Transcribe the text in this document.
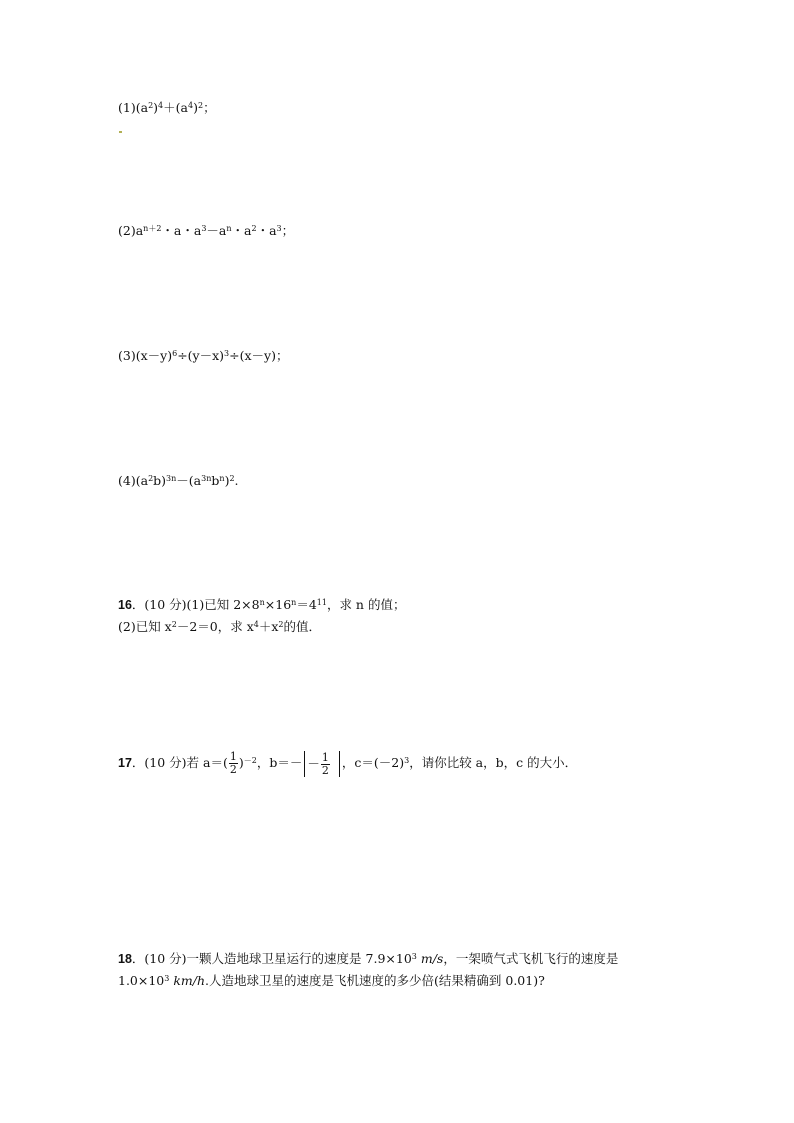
$(1)(a^2)^4+(a^4)^2$；
$(2)a^{n+2}$・a・$a^3-a^n$・$a^2$・$a^3$；
$(3)(x-y)^6\div(y-x)^3\div(x-y)$；
$(4)(a^2b)^{3n}-(a^{3n}b^n)^2$.
16．(10 分)(1)已知 $2\times 8^n\times 16^n=4^{11}$，求 n 的值；
(2)已知 $x^2-2=0$，求 $x^4+x^2$的值．
17．(10 分)若 $a=( \frac{1}{2} )^{-2}$，$b=- - \frac{1}{2}$ ，$c=(-2)^3$，请你比较 a，b，c 的大小．
18．(10 分)一颗人造地球卫星运行的速度是 $7.9\times 10^3$ m/s，一架喷气式飞机飞行的速度是
$1.0\times 10^3$ km/h.人造地球卫星的速度是飞机速度的多少倍(结果精确到 0.01)?
